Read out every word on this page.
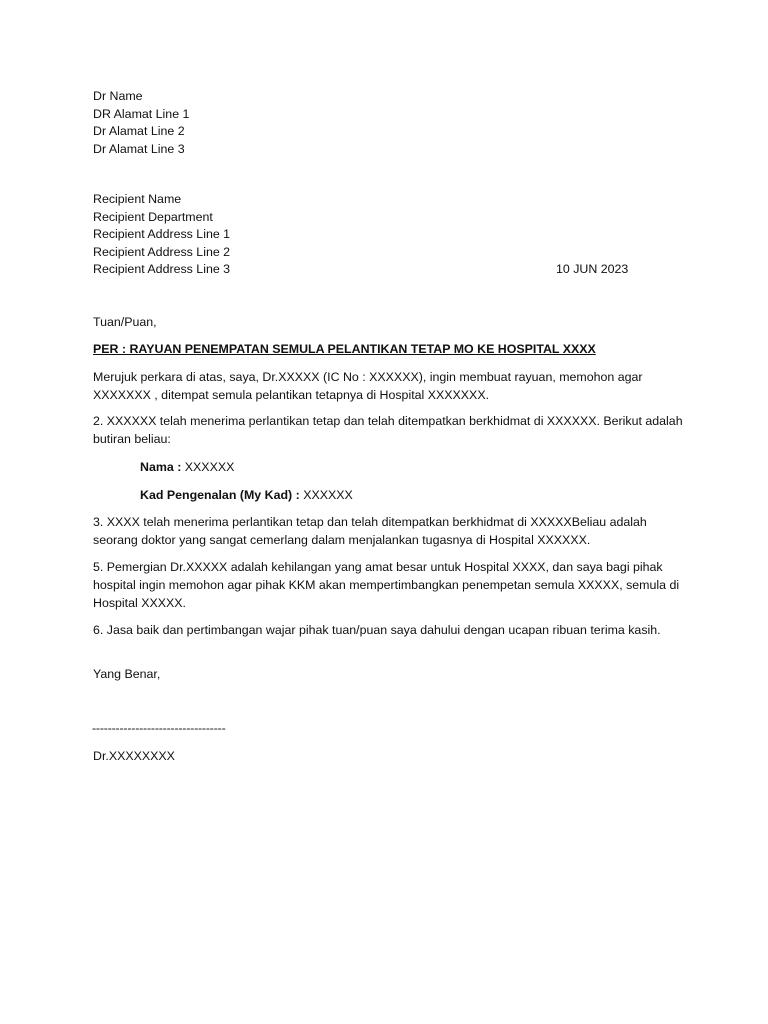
Dr Name
DR Alamat Line 1
Dr Alamat Line 2
Dr Alamat Line 3
Recipient Name
Recipient Department
Recipient Address Line 1
Recipient Address Line 2
Recipient Address Line 3	10 JUN 2023
Tuan/Puan,
PER : RAYUAN PENEMPATAN SEMULA PELANTIKAN TETAP MO KE HOSPITAL XXXX
Merujuk perkara di atas, saya, Dr.XXXXX (IC No : XXXXXX), ingin membuat rayuan, memohon agar XXXXXXX , ditempat semula pelantikan tetapnya di Hospital XXXXXXX.
2. XXXXXX telah menerima perlantikan tetap dan telah ditempatkan berkhidmat di XXXXXX. Berikut adalah butiran beliau:
Nama : XXXXXX
Kad Pengenalan (My Kad) : XXXXXX
3. XXXX telah menerima perlantikan tetap dan telah ditempatkan berkhidmat di XXXXXBeliau adalah seorang doktor yang sangat cemerlang dalam menjalankan tugasnya di Hospital XXXXXX.
5. Pemergian Dr.XXXXX adalah kehilangan yang amat besar untuk Hospital XXXX, dan saya bagi pihak hospital ingin memohon agar pihak KKM akan mempertimbangkan penempetan semula XXXXX, semula di Hospital XXXXX.
6. Jasa baik dan pertimbangan wajar pihak tuan/puan saya dahului dengan ucapan ribuan terima kasih.
Yang Benar,
----------------------------------
Dr.XXXXXXXX
